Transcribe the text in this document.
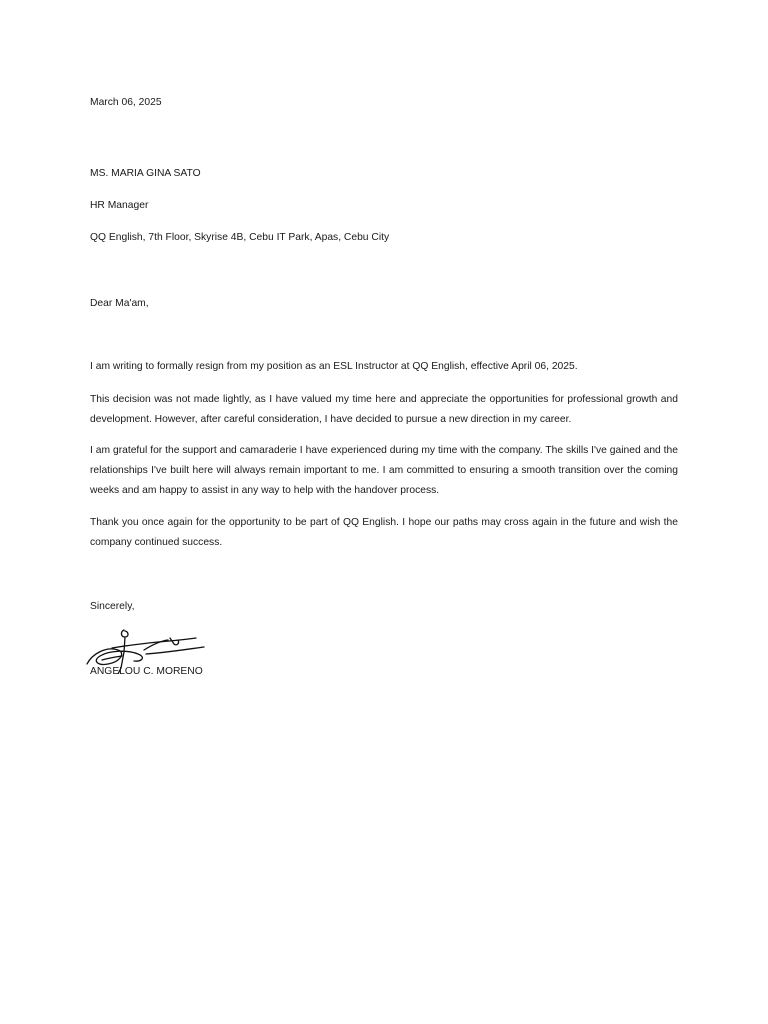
March 06, 2025

MS. MARIA GINA SATO

HR Manager

QQ English, 7th Floor, Skyrise 4B, Cebu IT Park, Apas, Cebu City

Dear Ma'am,

I am writing to formally resign from my position as an ESL Instructor at QQ English, effective April 06, 2025.

This decision was not made lightly, as I have valued my time here and appreciate the opportunities for professional growth and development. However, after careful consideration, I have decided to pursue a new direction in my career.

I am grateful for the support and camaraderie I have experienced during my time with the company. The skills I've gained and the relationships I've built here will always remain important to me. I am committed to ensuring a smooth transition over the coming weeks and am happy to assist in any way to help with the handover process.

Thank you once again for the opportunity to be part of QQ English. I hope our paths may cross again in the future and wish the company continued success.

Sincerely,

ANGELOU C. MORENO
